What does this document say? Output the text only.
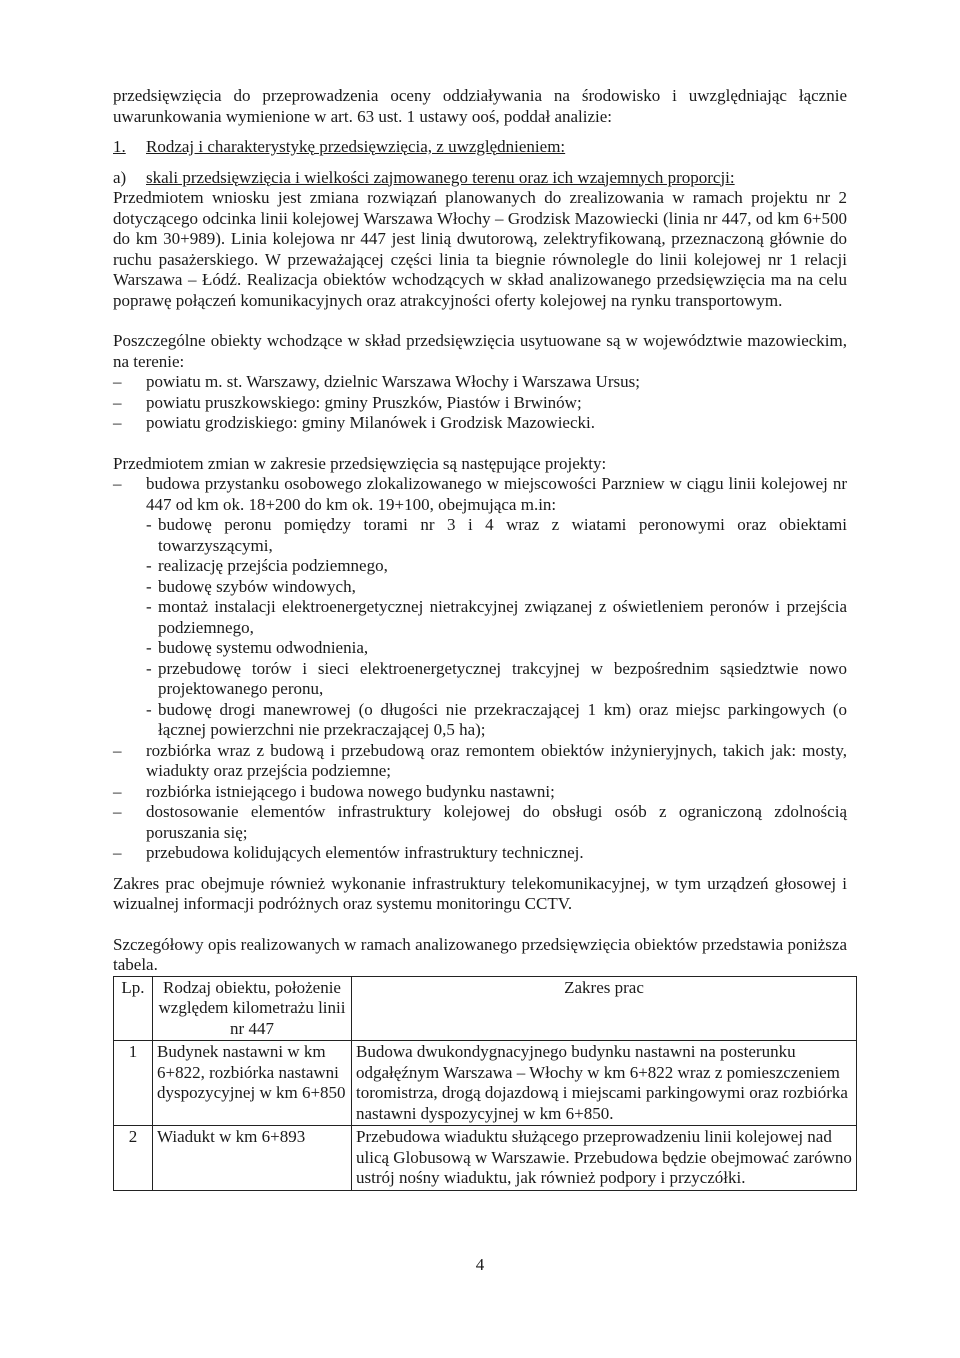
przedsięwzięcia do przeprowadzenia oceny oddziaływania na środowisko i uwzględniając łącznie uwarunkowania wymienione w art. 63 ust. 1 ustawy ooś, poddał analizie:

1.	Rodzaj i charakterystykę przedsięwzięcia, z uwzględnieniem:
a)	skali przedsięwzięcia i wielkości zajmowanego terenu oraz ich wzajemnych proporcji:

Przedmiotem wniosku jest zmiana rozwiązań planowanych do zrealizowania w ramach projektu nr 2 dotyczącego odcinka linii kolejowej Warszawa Włochy – Grodzisk Mazowiecki (linia nr 447, od km 6+500 do km 30+989). Linia kolejowa nr 447 jest linią dwutorową, zelektryfikowaną, przeznaczoną głównie do ruchu pasażerskiego. W przeważającej części linia ta biegnie równolegle do linii kolejowej nr 1 relacji Warszawa – Łódź. Realizacja obiektów wchodzących w skład analizowanego przedsięwzięcia ma na celu poprawę połączeń komunikacyjnych oraz atrakcyjności oferty kolejowej na rynku transportowym.

Poszczególne obiekty wchodzące w skład przedsięwzięcia usytuowane są w województwie mazowieckim, na terenie:

–	powiatu m. st. Warszawy, dzielnic Warszawa Włochy i Warszawa Ursus;
–	powiatu pruszkowskiego: gminy Pruszków, Piastów i Brwinów;
–	powiatu grodziskiego: gminy Milanówek i Grodzisk Mazowiecki.

Przedmiotem zmian w zakresie przedsięwzięcia są następujące projekty:

–	budowa przystanku osobowego zlokalizowanego w miejscowości Parzniew w ciągu linii kolejowej nr 447 od km ok. 18+200 do km ok. 19+100, obejmująca m.in:
- budowę peronu pomiędzy torami nr 3 i 4 wraz z wiatami peronowymi oraz obiektami towarzyszącymi,
- realizację przejścia podziemnego,
- budowę szybów windowych,
- montaż instalacji elektroenergetycznej nietrakcyjnej związanej z oświetleniem peronów i przejścia podziemnego,
- budowę systemu odwodnienia,
- przebudowę torów i sieci elektroenergetycznej trakcyjnej w bezpośrednim sąsiedztwie nowo projektowanego peronu,
- budowę drogi manewrowej (o długości nie przekraczającej 1 km) oraz miejsc parkingowych (o łącznej powierzchni nie przekraczającej 0,5 ha);
–	rozbiórka wraz z budową i przebudową oraz remontem obiektów inżynieryjnych, takich jak: mosty, wiadukty oraz przejścia podziemne;
–	rozbiórka istniejącego i budowa nowego budynku nastawni;
–	dostosowanie elementów infrastruktury kolejowej do obsługi osób z ograniczoną zdolnością poruszania się;
–	przebudowa kolidujących elementów infrastruktury technicznej.

Zakres prac obejmuje również wykonanie infrastruktury telekomunikacyjnej, w tym urządzeń głosowej i wizualnej informacji podróżnych oraz systemu monitoringu CCTV.

Szczegółowy opis realizowanych w ramach analizowanego przedsięwzięcia obiektów przedstawia poniższa tabela.

Lp.	Rodzaj obiektu, położenie względem kilometrażu linii nr 447	Zakres prac
1	Budynek nastawni w km 6+822, rozbiórka nastawni dyspozycyjnej w km 6+850	Budowa dwukondygnacyjnego budynku nastawni na posterunku odgałęźnym Warszawa – Włochy w km 6+822 wraz z pomieszczeniem toromistrza, drogą dojazdową i miejscami parkingowymi oraz rozbiórka nastawni dyspozycyjnej w km 6+850.
2	Wiadukt w km 6+893	Przebudowa wiaduktu służącego przeprowadzeniu linii kolejowej nad ulicą Globusową w Warszawie. Przebudowa będzie obejmować zarówno ustrój nośny wiaduktu, jak również podpory i przyczółki.
4
